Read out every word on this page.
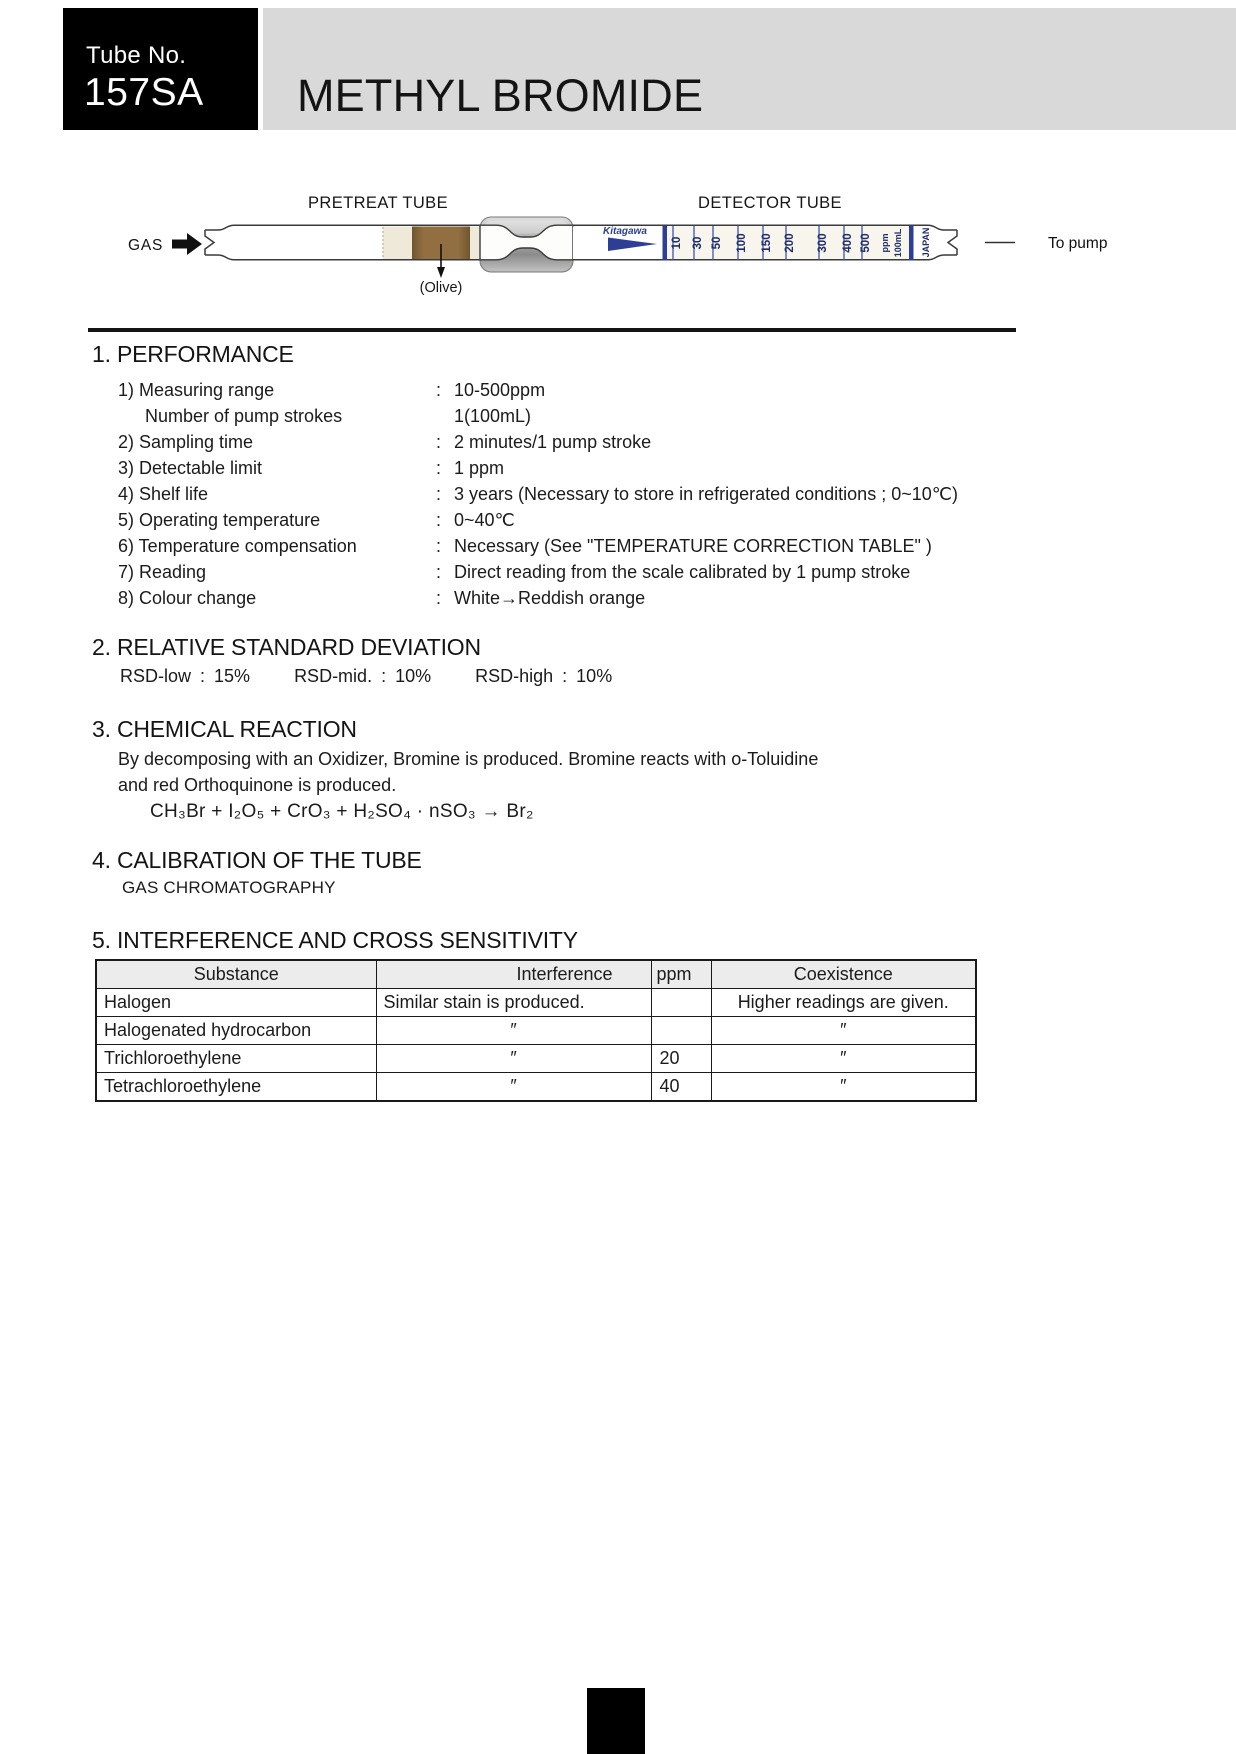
Tube No.
157SA METHYL BROMIDE
PRETREAT TUBE	DETECTOR TUBE
GAS
(Olive)
Kitagawa
10 30 50 100 150 200 300 400 500 ppm 100mL JAPAN	To pump
1. PERFORMANCE
1) Measuring range	: 10-500ppm
Number of pump strokes	1(100mL)
2) Sampling time	: 2 minutes/1 pump stroke
3) Detectable limit	: 1 ppm
4) Shelf life	: 3 years (Necessary to store in refrigerated conditions ; 0~10℃)
5) Operating temperature	: 0~40℃
6) Temperature compensation	: Necessary (See "TEMPERATURE CORRECTION TABLE" )
7) Reading	: Direct reading from the scale calibrated by 1 pump stroke
8) Colour change	: White→Reddish orange
2. RELATIVE STANDARD DEVIATION
RSD-low : 15% RSD-mid. : 10% RSD-high : 10%
3. CHEMICAL REACTION
By decomposing with an Oxidizer, Bromine is produced. Bromine reacts with o-Toluidine
and red Orthoquinone is produced.
CH₃Br + I₂O₅ + CrO₃ + H₂SO₄ · nSO₃ → Br₂
4. CALIBRATION OF THE TUBE
GAS CHROMATOGRAPHY
5. INTERFERENCE AND CROSS SENSITIVITY
Substance	Interference	ppm	Coexistence
Halogen	Similar stain is produced.		Higher readings are given.
Halogenated hydrocarbon	″		″
Trichloroethylene	″	20	″
Tetrachloroethylene	″	40	″
